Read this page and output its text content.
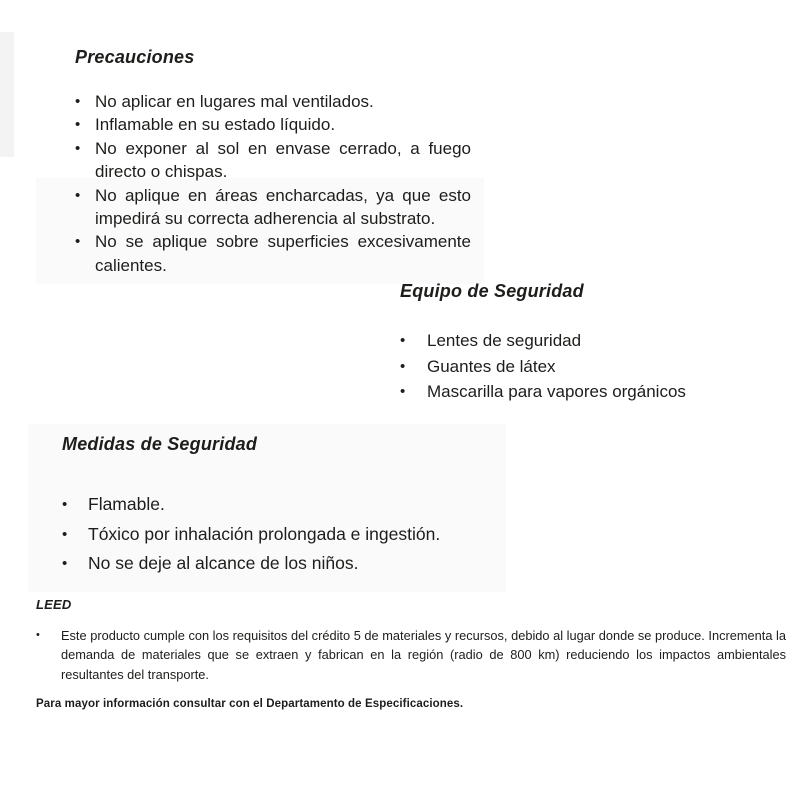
Precauciones
• No aplicar en lugares mal ventilados.
• Inflamable en su estado líquido.
• No exponer al sol en envase cerrado, a fuego directo o chispas.
• No aplique en áreas encharcadas, ya que esto impedirá su correcta adherencia al substrato.
• No se aplique sobre superficies excesivamente calientes.
Equipo de Seguridad
•	Lentes de seguridad
•	Guantes de látex
•	Mascarilla para vapores orgánicos
Medidas de Seguridad
•	Flamable.
•	Tóxico por inhalación prolongada e ingestión.
•	No se deje al alcance de los niños.
LEED
•	Este producto cumple con los requisitos del crédito 5 de materiales y recursos, debido al lugar donde se produce. Incrementa la demanda de materiales que se extraen y fabrican en la región (radio de 800 km) reduciendo los impactos ambientales resultantes del transporte.
Para mayor información consultar con el Departamento de Especificaciones.
